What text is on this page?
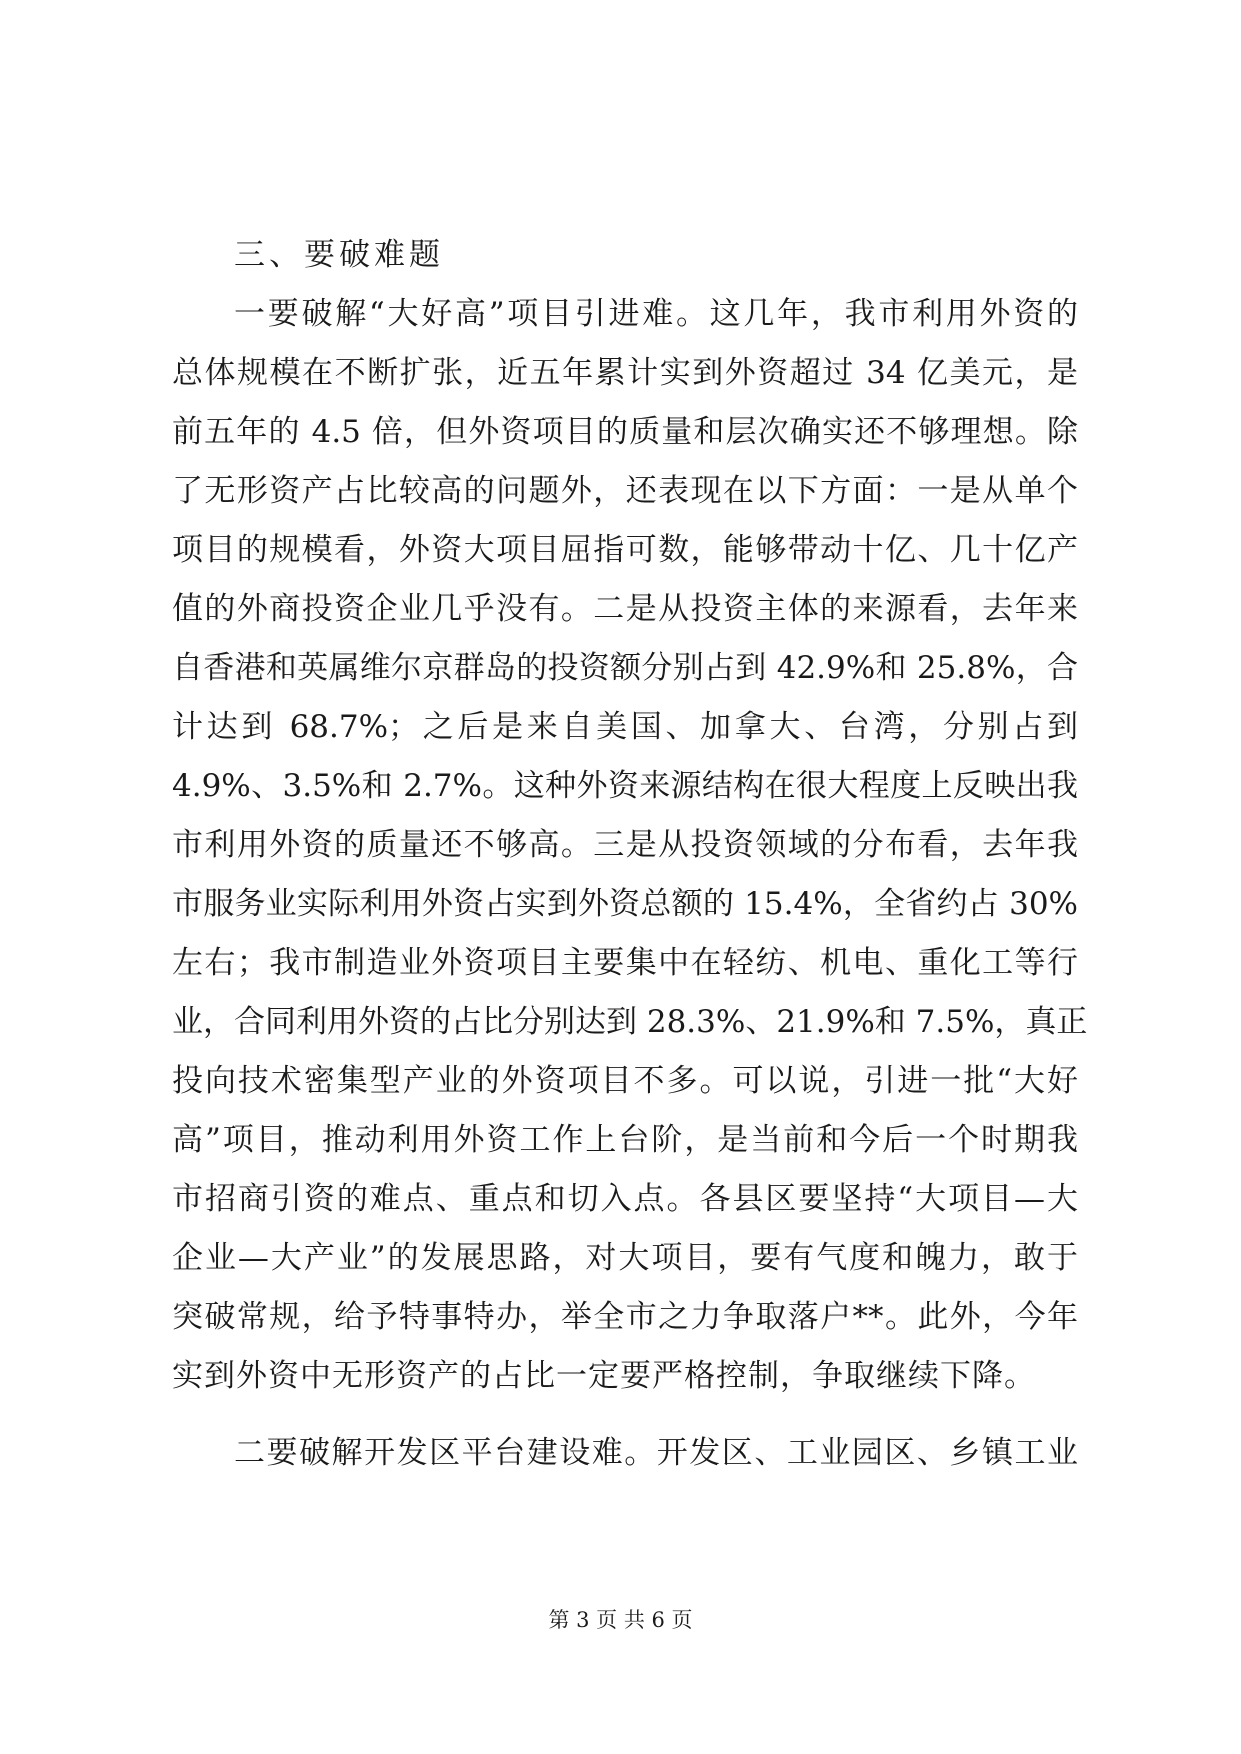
三、要破难题
一要破解“大好高”项目引进难。这几年，我市利用外资的
总体规模在不断扩张，近五年累计实到外资超过 34 亿美元，是
前五年的 4.5 倍，但外资项目的质量和层次确实还不够理想。除
了无形资产占比较高的问题外，还表现在以下方面：一是从单个
项目的规模看，外资大项目屈指可数，能够带动十亿、几十亿产
值的外商投资企业几乎没有。二是从投资主体的来源看，去年来
自香港和英属维尔京群岛的投资额分别占到 42.9%和 25.8%，合
计达到 68.7%；之后是来自美国、加拿大、台湾，分别占到
4.9%、3.5%和 2.7%。这种外资来源结构在很大程度上反映出我
市利用外资的质量还不够高。三是从投资领域的分布看，去年我
市服务业实际利用外资占实到外资总额的 15.4%，全省约占 30%
左右；我市制造业外资项目主要集中在轻纺、机电、重化工等行
业，合同利用外资的占比分别达到 28.3%、21.9%和 7.5%，真正
投向技术密集型产业的外资项目不多。可以说，引进一批“大好
高”项目，推动利用外资工作上台阶，是当前和今后一个时期我
市招商引资的难点、重点和切入点。各县区要坚持“大项目—大
企业—大产业”的发展思路，对大项目，要有气度和魄力，敢于
突破常规，给予特事特办，举全市之力争取落户**。此外，今年
实到外资中无形资产的占比一定要严格控制，争取继续下降。
二要破解开发区平台建设难。开发区、工业园区、乡镇工业
第 3 页 共 6 页
